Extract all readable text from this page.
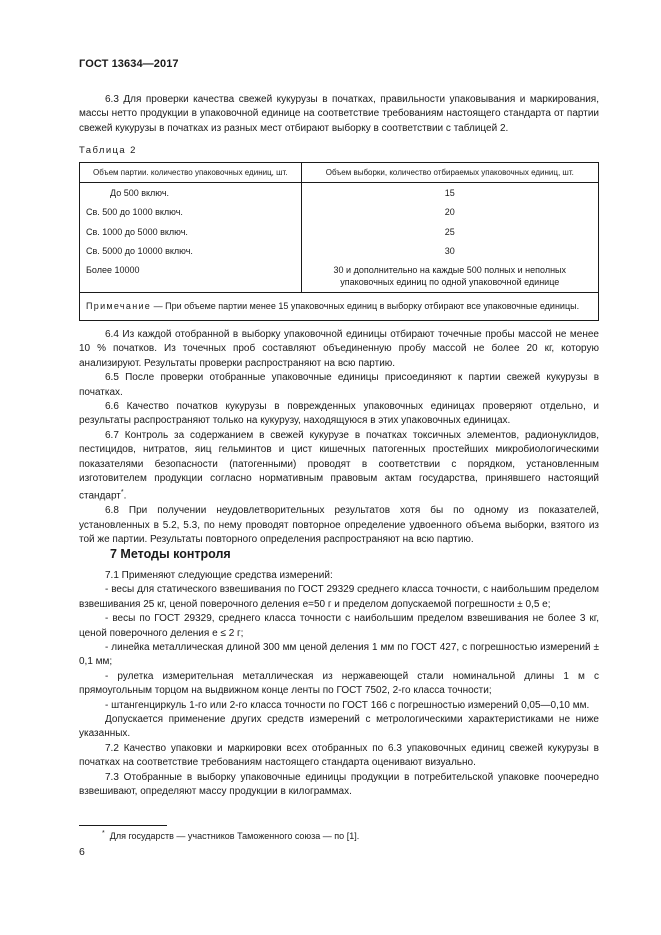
ГОСТ 13634—2017

6.3 Для проверки качества свежей кукурузы в початках, правильности упаковывания и маркирования, массы нетто продукции в упаковочной единице на соответствие требованиям настоящего стандарта от партии свежей кукурузы в початках из разных мест отбирают выборку в соответствии с таблицей 2.

Таблица 2
Объем партии. количество упаковочных единиц, шт.	Объем выборки, количество отбираемых упаковочных единиц, шт.
До 500 включ.	15
Св. 500 до 1000 включ.	20
Св. 1000 до 5000 включ.	25
Св. 5000 до 10000 включ.	30
Более 10000	30 и дополнительно на каждые 500 полных и неполных упаковочных единиц по одной упаковочной единице
Примечание — При объеме партии менее 15 упаковочных единиц в выборку отбирают все упаковочные единицы.	

6.4 Из каждой отобранной в выборку упаковочной единицы отбирают точечные пробы массой не менее 10 % початков. Из точечных проб составляют объединенную пробу массой не более 20 кг, которую анализируют. Результаты проверки распространяют на всю партию.

6.5 После проверки отобранные упаковочные единицы присоединяют к партии свежей кукурузы в початках.

6.6 Качество початков кукурузы в поврежденных упаковочных единицах проверяют отдельно, и результаты распространяют только на кукурузу, находящуюся в этих упаковочных единицах.

6.7 Контроль за содержанием в свежей кукурузе в початках токсичных элементов, радионуклидов, пестицидов, нитратов, яиц гельминтов и цист кишечных патогенных простейших микробиологическими показателями безопасности (патогенными) проводят в соответствии с порядком, установленным изготовителем продукции согласно нормативным правовым актам государства, принявшего настоящий стандарт*.

6.8 При получении неудовлетворительных результатов хотя бы по одному из показателей, установленных в 5.2, 5.3, по нему проводят повторное определение удвоенного объема выборки, взятого из той же партии. Результаты повторного определения распространяют на всю партию.

7 Методы контроля

7.1 Применяют следующие средства измерений:

- весы для статического взвешивания по ГОСТ 29329 среднего класса точности, с наибольшим пределом взвешивания 25 кг, ценой поверочного деления е=50 г и пределом допускаемой погрешности ± 0,5 е;

- весы по ГОСТ 29329, среднего класса точности с наибольшим пределом взвешивания не более 3 кг, ценой поверочного деления е ≤ 2 г;

- линейка металлическая длиной 300 мм ценой деления 1 мм по ГОСТ 427, с погрешностью измерений ± 0,1 мм;

- рулетка измерительная металлическая из нержавеющей стали номинальной длины 1 м с прямоугольным торцом на выдвижном конце ленты по ГОСТ 7502, 2-го класса точности;

- штангенциркуль 1-го или 2-го класса точности по ГОСТ 166 с погрешностью измерений 0,05—0,10 мм.

Допускается применение других средств измерений с метрологическими характеристиками не ниже указанных.

7.2 Качество упаковки и маркировки всех отобранных по 6.3 упаковочных единиц свежей кукурузы в початках на соответствие требованиям настоящего стандарта оценивают визуально.

7.3 Отобранные в выборку упаковочные единицы продукции в потребительской упаковке поочередно взвешивают, определяют массу продукции в килограммах.

* Для государств — участников Таможенного союза — по [1].
6
